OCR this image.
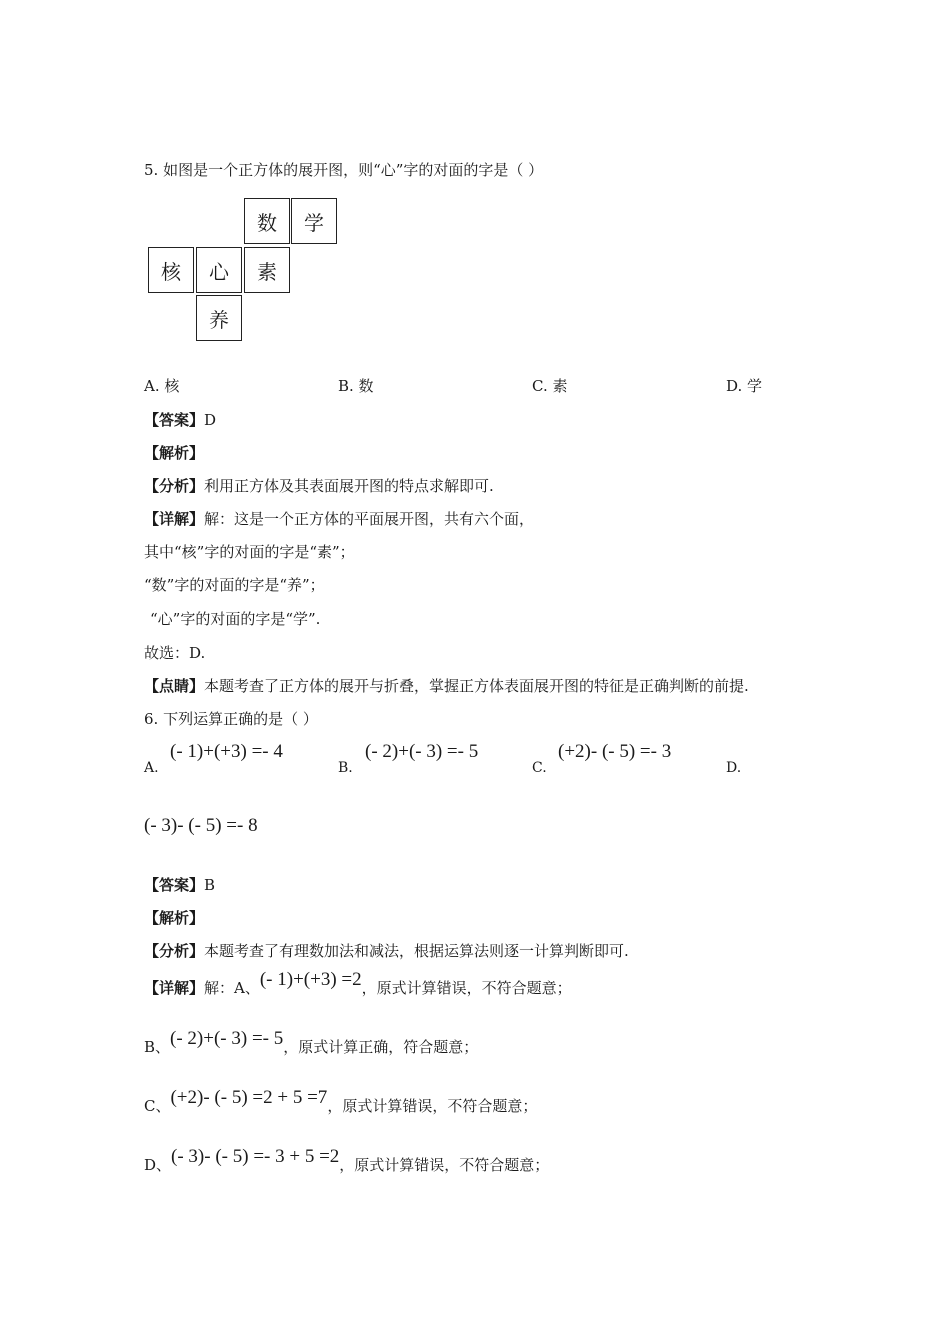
5. 如图是一个正方体的展开图，则“心”字的对面的字是（ ）
数	学
核	心	素
养
A. 核	B. 数	C. 素	D. 学
【答案】D
【解析】
【分析】利用正方体及其表面展开图的特点求解即可.
【详解】解：这是一个正方体的平面展开图，共有六个面，
其中“核”字的对面的字是“素”；
“数”字的对面的字是“养”；
“心”字的对面的字是“学”.
故选：D.
【点睛】本题考查了正方体的展开与折叠，掌握正方体表面展开图的特征是正确判断的前提.
6. 下列运算正确的是（ ）
A.
(- 1)+(+3) =- 4
B.
(- 2)+(- 3) =- 5
C.
(+2)- (- 5) =- 3
D.
(- 3)- (- 5) =- 8
【答案】B
【解析】
【分析】本题考查了有理数加法和减法，根据运算法则逐一计算判断即可.
【详解】解：A、(- 1)+(+3) =2，原式计算错误，不符合题意；
B、(- 2)+(- 3) =- 5，原式计算正确，符合题意；
C、(+2)- (- 5) =2 + 5 =7，原式计算错误，不符合题意；
D、(- 3)- (- 5) =- 3 + 5 =2，原式计算错误，不符合题意；
